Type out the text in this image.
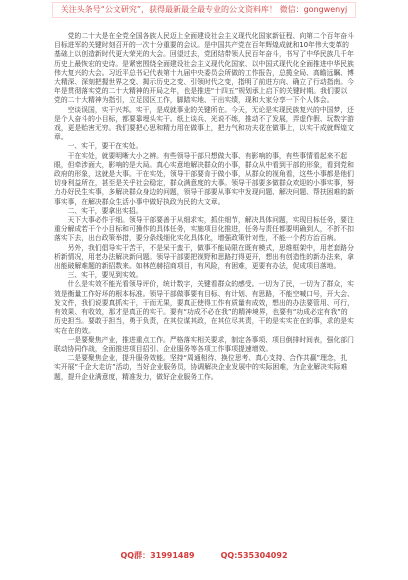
关注头条号“公文研究”，获得最新最全最专业的公文资料库！ 微信：gongwenyj

党的二十大是在全党全国各族人民迈上全面建设社会主义现代化国家新征程、向第二个百年奋斗目标进军的关键时刻召开的一次十分重要的会议。是中国共产党在百年辉煌成就和10年伟大变革的基础上以创造新时代更大荣光的大会。回望过去，党团结带领人民百年奋斗，书写了中华民族几千年历史上最恢宏的史诗。是紧密围绕全面建设社会主义现代化国家、以中国式现代化全面推进中华民族伟大复兴的大会。习近平总书记代表第十九届中央委员会所做的工作报告，总揽全局、高瞻远瞩、博大精深、深刻把握世界之变、揭示历史之变、引领时代之变，指明了前进方向、确立了行动指南。今年是贯彻落实党的二十大精神的开局之年，也是推进“十四五”规划承上启下的关键时期。我们要以党的二十大精神为指引，立足园区工作，脚踏实地、干出实绩，现和大家分享一下个人体会。

空谈误国，实干兴邦。实干，是成就事业的关键所在。今天，无论是实现民族复兴的中国梦，还是个人奋斗的小目标，都要靠埋头实干。纸上谈兵、光说不练，推动不了发展，弄虚作假、玩数字游戏，更是贻害无穷。我们要把心思和精力用在做事上，把力气和功夫花在做事上，以实干成就辉煌文章。

一、实干，要干在实处。

干在实处，就要明晰大小之辨。有些领导干部只想做大事、有影响的事，有些事情看起来不起眼，但牵涉面大，影响的是大局。真心实意地解决群众的小事，群众从中看到干部的形象，看到党和政府的形象，这就是大事。干在实处，领导干部要肯于做小事，从群众的视角看，这些小事都是他们切身利益所在，甚至是关乎社会稳定，群众满意度的大事。领导干部要多做群众欢迎的小事实事，努力办好民生实事，多解决群众身边的问题，领导干部要从事实中发现问题、解决问题、帮扶困难的新事实事，在解决群众生活小事中做好执政为民的大文章。

二、实干，要拿出实招。

天下大事必作于细。领导干部要善于从细求实，抓住细节，解决具体问题，实现目标任务，要注重分解成若干个小目标和可操作的具体任务，实施项目化推进，任务与责任都要明确到人，不折不扣落实下去，出台政策举措，要分条线细化实化具体化，增强政策针对性，不能一个药方治百病。

另外，我们倡导实干苦干，不是呆干蛮干，做事不能局限在既有模式，思维框架中，用老套路分析新情况，用老办法解决新问题。领导干部要把视野和思路打得更开，想出有创造性的新办法来，拿出能破解难题的新招数来。如林芭赫招商项目，有风险，有困难，更要有办法，促成项目落地。

三、实干，要见到实效。

什么是实效不能光看领导评价，统计数字，关键看群众的感受。一切为了民，一切为了群众，实效是衡量工作好坏的根本标准。领导干部做事要有目标、有计划、有思路，不能空喊口号，开大会、发文件，我们说要真抓实干，干而无果，要真正使得工作有质量有成效，想出的办法要管用、可行，有效果、有收效，那才是真正的实干。要有“功成不必在我”的精神境界，也要有“功成必定有我”的历史担当。要敢于担当，勇于负责，在其位谋其政，在其位尽其责，干的是实实在在的事，求的是实实在在的效。

一是要聚焦产业，推进重点工作。严格落实相关要求，制定各事项、项目倒排时间表，强化部门联动协同作战，全面推进项目招引、企业服务等各项工作事项提速增效。

二是要聚焦企业，提升服务效能。坚持“周通相待、换位思考、真心支持、合作共赢”理念，扎实开展“千企大走访”活动，当好企业服务员，协调解决企业发展中的实际困难，为企业解决实际难题，提升企业满意度，精准发力，做好企业服务工作。

QQ群：31991489	QQ:535304092
